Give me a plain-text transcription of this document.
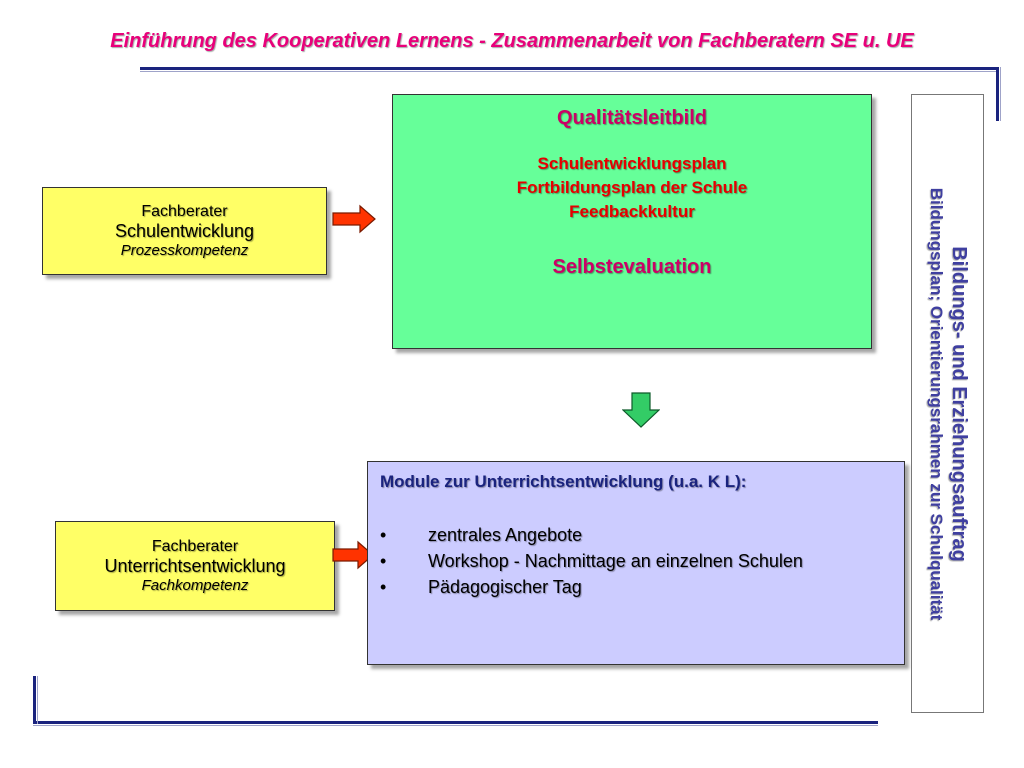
Einführung des Kooperativen Lernens - Zusammenarbeit von Fachberatern SE u. UE
Fachberater
Schulentwicklung
Prozesskompetenz
Qualitätsleitbild
Schulentwicklungsplan
Fortbildungsplan der Schule
Feedbackkultur
Selbstevaluation
Fachberater
Unterrichtsentwicklung
Fachkompetenz
Module zur Unterrichtsentwicklung (u.a. K L):
•	zentrales Angebote
•	Workshop - Nachmittage an einzelnen Schulen
•	Pädagogischer Tag
Bildungs- und Erziehungsauftrag
Bildungsplan; Orientierungsrahmen zur Schulqualität
